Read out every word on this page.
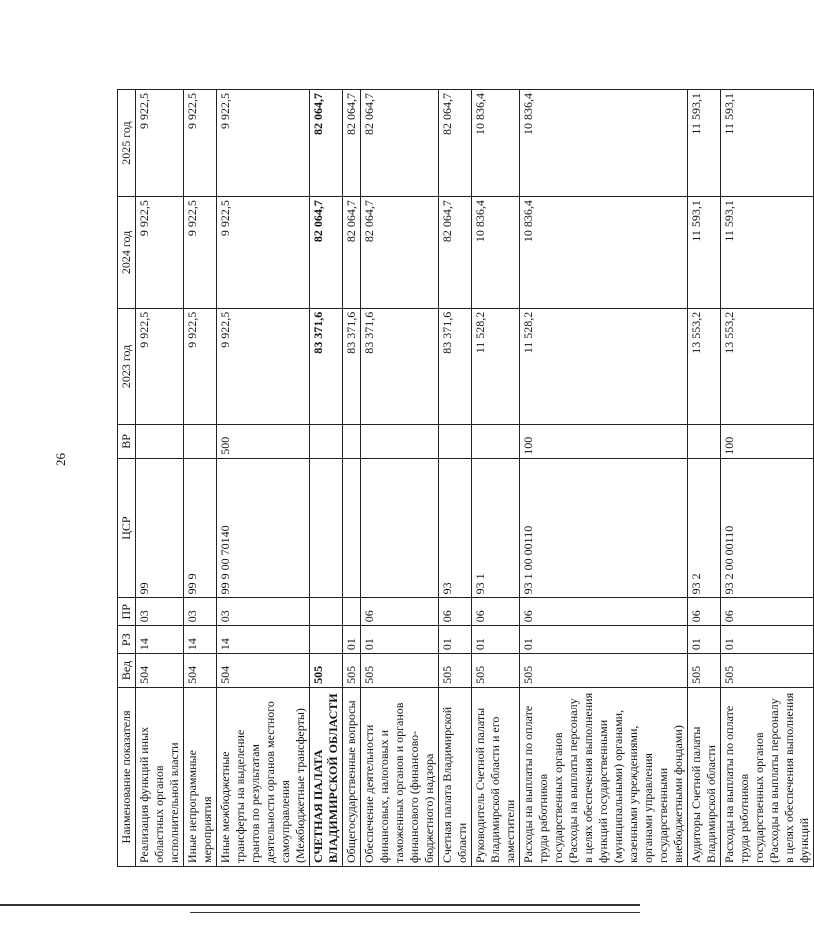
26
Наименование показателя	Вед	РЗ	ПР	ЦСР	ВР	2023 год	2024 год	2025 год
Реализация функций иных областных органов исполнительной власти	504	14	03	99		9 922,5	9 922,5	9 922,5
Иные непрограммные мероприятия	504	14	03	99 9		9 922,5	9 922,5	9 922,5
Иные межбюджетные трансферты на выделение грантов по результатам деятельности органов местного самоуправления (Межбюджетные трансферты)	504	14	03	99 9 00 70140	500	9 922,5	9 922,5	9 922,5
СЧЕТНАЯ ПАЛАТА ВЛАДИМИРСКОЙ ОБЛАСТИ	505					83 371,6	82 064,7	82 064,7
Общегосударственные вопросы	505	01				83 371,6	82 064,7	82 064,7
Обеспечение деятельности финансовых, налоговых и таможенных органов и органов финансового (финансово-бюджетного) надзора	505	01	06			83 371,6	82 064,7	82 064,7
Счетная палата Владимирской области	505	01	06	93		83 371,6	82 064,7	82 064,7
Руководитель Счетной палаты Владимирской области и его заместители	505	01	06	93 1		11 528,2	10 836,4	10 836,4
Расходы на выплаты по оплате труда работников государственных органов (Расходы на выплаты персоналу в целях обеспечения выполнения функций государственными (муниципальными) органами, казенными учреждениями, органами управления государственными внебюджетными фондами)	505	01	06	93 1 00 00110	100	11 528,2	10 836,4	10 836,4
Аудиторы Счетной палаты Владимирской области	505	01	06	93 2		13 553,2	11 593,1	11 593,1
Расходы на выплаты по оплате труда работников государственных органов (Расходы на выплаты персоналу в целях обеспечения выполнения функций	505	01	06	93 2 00 00110	100	13 553,2	11 593,1	11 593,1
